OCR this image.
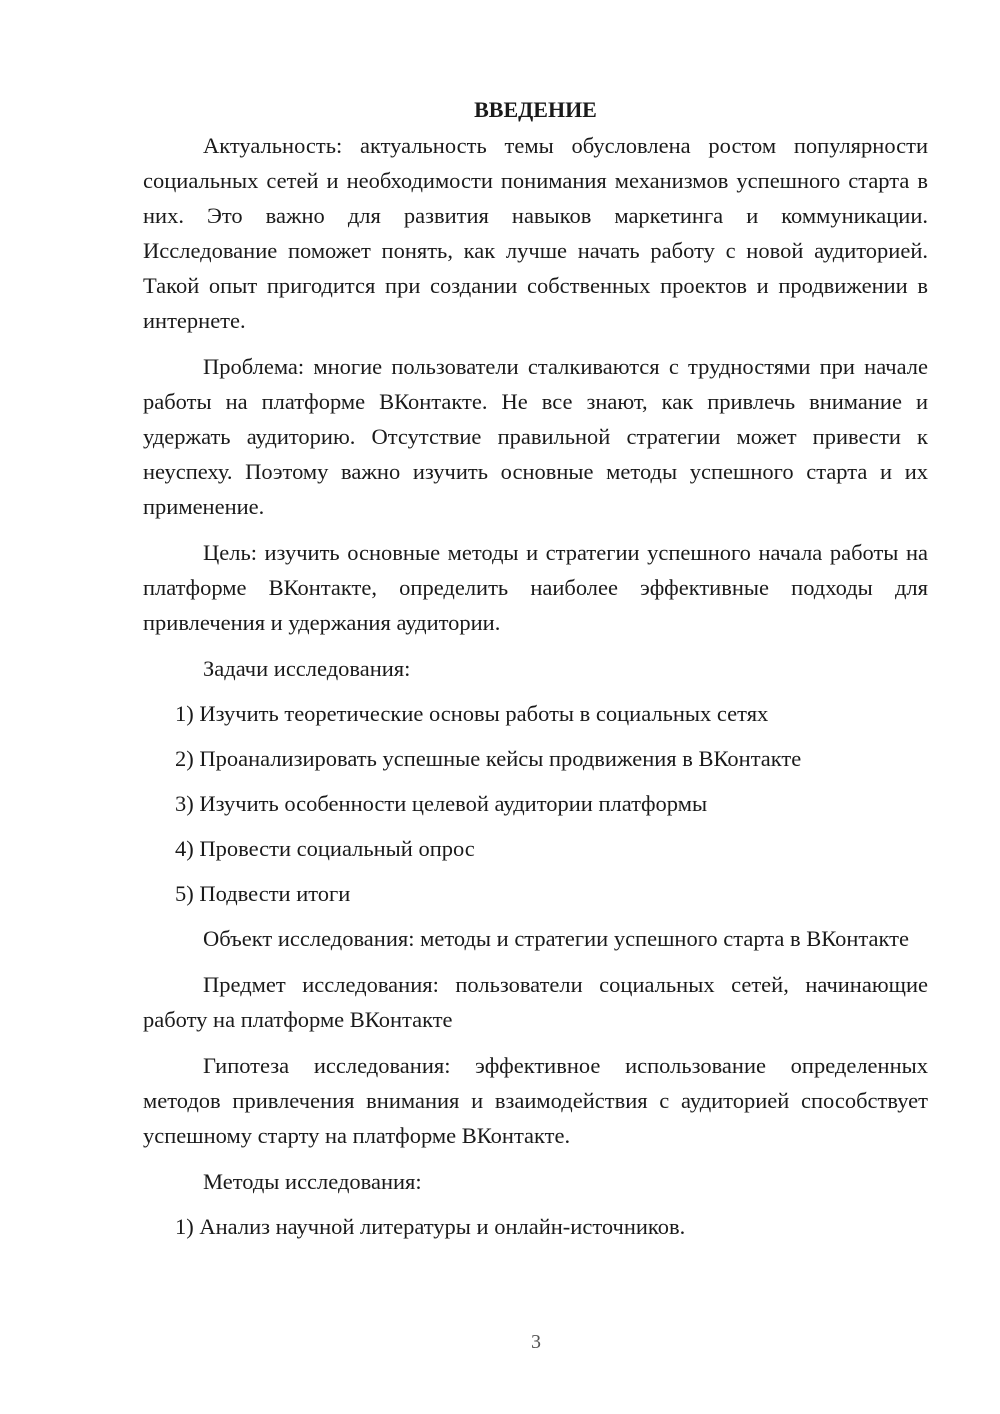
ВВЕДЕНИЕ

Актуальность: актуальность темы обусловлена ростом популярности социальных сетей и необходимости понимания механизмов успешного старта в них. Это важно для развития навыков маркетинга и коммуникации. Исследование поможет понять, как лучше начать работу с новой аудиторией. Такой опыт пригодится при создании собственных проектов и продвижении в интернете.

Проблема: многие пользователи сталкиваются с трудностями при начале работы на платформе ВКонтакте. Не все знают, как привлечь внимание и удержать аудиторию. Отсутствие правильной стратегии может привести к неуспеху. Поэтому важно изучить основные методы успешного старта и их применение.

Цель: изучить основные методы и стратегии успешного начала работы на платформе ВКонтакте, определить наиболее эффективные подходы для привлечения и удержания аудитории.

Задачи исследования:

1) Изучить теоретические основы работы в социальных сетях

2) Проанализировать успешные кейсы продвижения в ВКонтакте

3) Изучить особенности целевой аудитории платформы

4) Провести социальный опрос

5) Подвести итоги

Объект исследования: методы и стратегии успешного старта в ВКонтакте

Предмет исследования: пользователи социальных сетей, начинающие работу на платформе ВКонтакте

Гипотеза исследования: эффективное использование определенных методов привлечения внимания и взаимодействия с аудиторией способствует успешному старту на платформе ВКонтакте.

Методы исследования:

1) Анализ научной литературы и онлайн-источников.

3
